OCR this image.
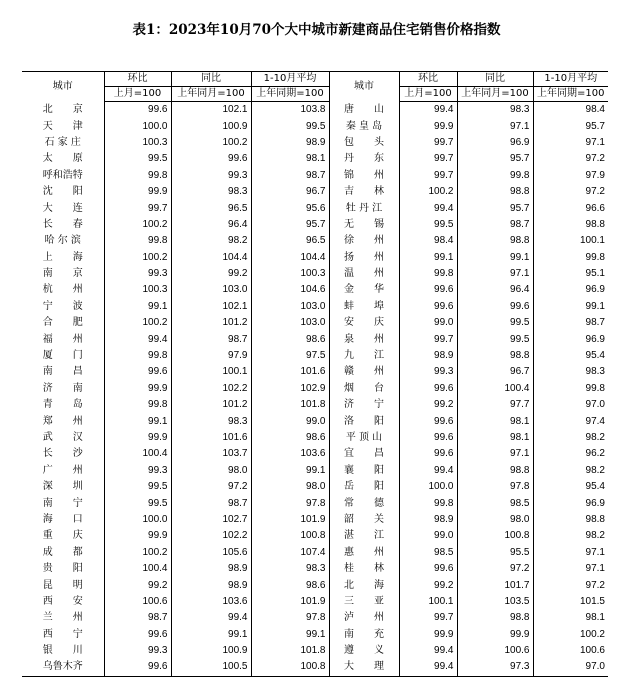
表1：2023年10月70个大中城市新建商品住宅销售价格指数
城市	环比	同比	1-10月平均	城市	环比	同比	1-10月平均
	上月=100	上年同月=100	上年同期=100		上月=100	上年同月=100	上年同期=100
北　　京	99.6	102.1	103.8	唐　　山	99.4	98.3	98.4
天　　津	100.0	100.9	99.5	秦 皇 岛	99.9	97.1	95.7
石 家 庄	100.3	100.2	98.9	包　　头	99.7	96.9	97.1
太　　原	99.5	99.6	98.1	丹　　东	99.7	95.7	97.2
呼和浩特	99.8	99.3	98.7	锦　　州	99.7	99.8	97.9
沈　　阳	99.9	98.3	96.7	吉　　林	100.2	98.8	97.2
大　　连	99.7	96.5	95.6	牡 丹 江	99.4	95.7	96.6
长　　春	100.2	96.4	95.7	无　　锡	99.5	98.7	98.8
哈 尔 滨	99.8	98.2	96.5	徐　　州	98.4	98.8	100.1
上　　海	100.2	104.4	104.4	扬　　州	99.1	99.1	99.8
南　　京	99.3	99.2	100.3	温　　州	99.8	97.1	95.1
杭　　州	100.3	103.0	104.6	金　　华	99.6	96.4	96.9
宁　　波	99.1	102.1	103.0	蚌　　埠	99.6	99.6	99.1
合　　肥	100.2	101.2	103.0	安　　庆	99.0	99.5	98.7
福　　州	99.4	98.7	98.6	泉　　州	99.7	99.5	96.9
厦　　门	99.8	97.9	97.5	九　　江	98.9	98.8	95.4
南　　昌	99.6	100.1	101.6	赣　　州	99.3	96.7	98.3
济　　南	99.9	102.2	102.9	烟　　台	99.6	100.4	99.8
青　　岛	99.8	101.2	101.8	济　　宁	99.2	97.7	97.0
郑　　州	99.1	98.3	99.0	洛　　阳	99.6	98.1	97.4
武　　汉	99.9	101.6	98.6	平 顶 山	99.6	98.1	98.2
长　　沙	100.4	103.7	103.6	宜　　昌	99.6	97.1	96.2
广　　州	99.3	98.0	99.1	襄　　阳	99.4	98.8	98.2
深　　圳	99.5	97.2	98.0	岳　　阳	100.0	97.8	95.4
南　　宁	99.5	98.7	97.8	常　　德	99.8	98.5	96.9
海　　口	100.0	102.7	101.9	韶　　关	98.9	98.0	98.8
重　　庆	99.9	102.2	100.8	湛　　江	99.0	100.8	98.2
成　　都	100.2	105.6	107.4	惠　　州	98.5	95.5	97.1
贵　　阳	100.4	98.9	98.3	桂　　林	99.6	97.2	97.1
昆　　明	99.2	98.9	98.6	北　　海	99.2	101.7	97.2
西　　安	100.6	103.6	101.9	三　　亚	100.1	103.5	101.5
兰　　州	98.7	99.4	97.8	泸　　州	99.7	98.8	98.1
西　　宁	99.6	99.1	99.1	南　　充	99.9	99.9	100.2
银　　川	99.3	100.9	101.8	遵　　义	99.4	100.6	100.6
乌鲁木齐	99.6	100.5	100.8	大　　理	99.4	97.3	97.0
